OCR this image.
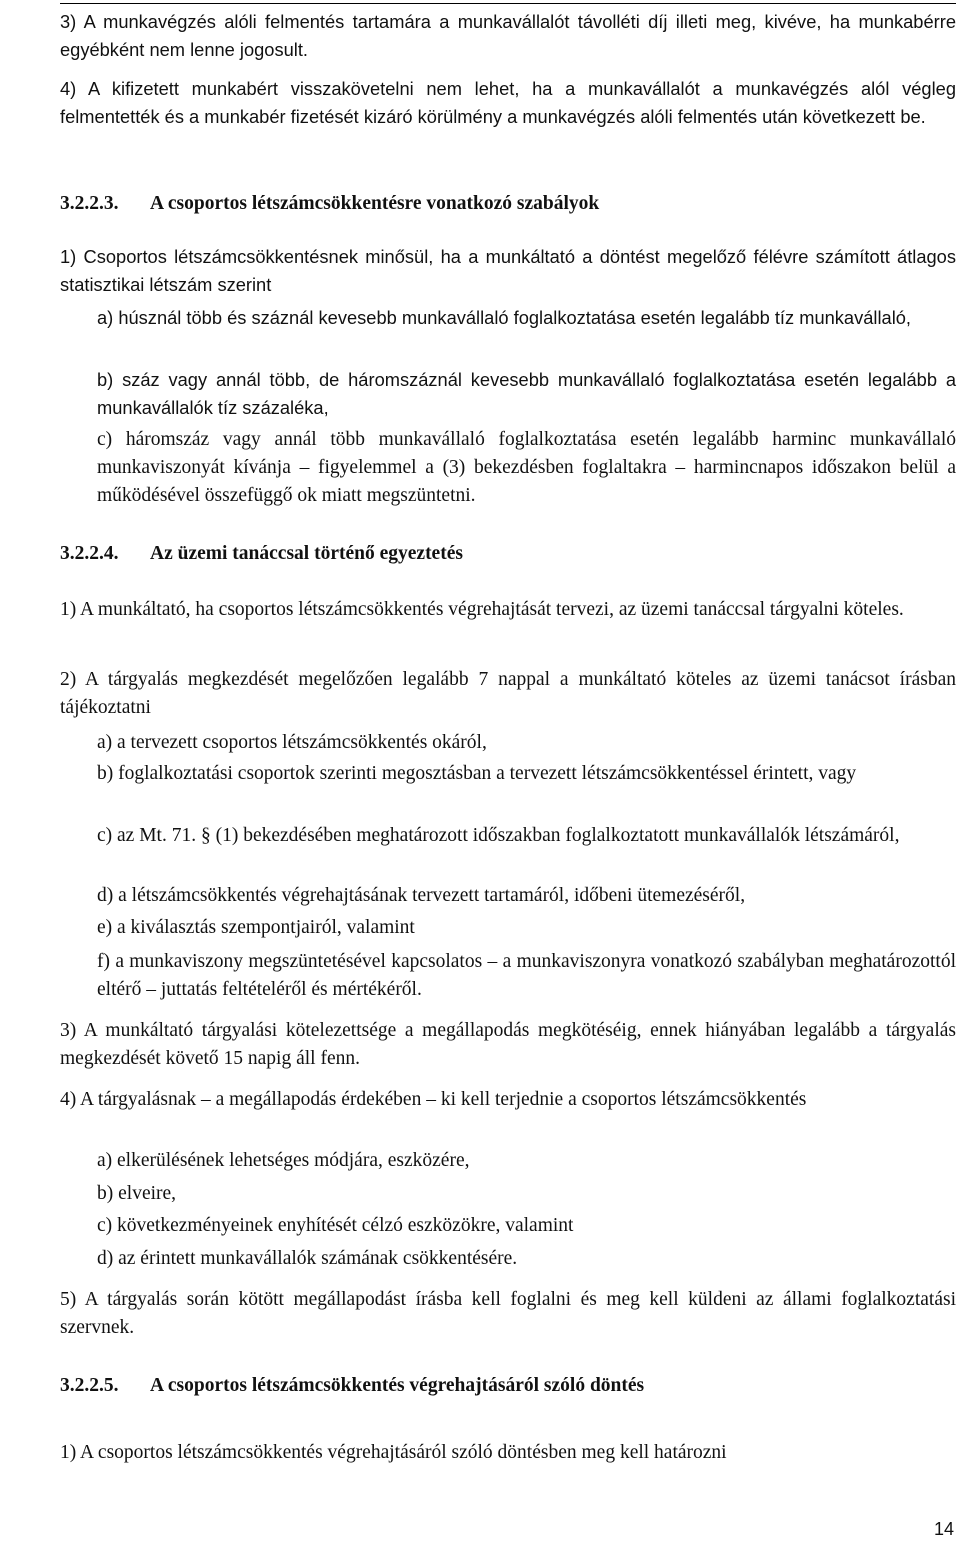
3) A munkavégzés alóli felmentés tartamára a munkavállalót távolléti díj illeti meg, kivéve, ha munkabérre egyébként nem lenne jogosult.

4) A kifizetett munkabért visszakövetelni nem lehet, ha a munkavállalót a munkavégzés alól végleg felmentették és a munkabér fizetését kizáró körülmény a munkavégzés alóli felmentés után következett be.

3.2.2.3. A csoportos létszámcsökkentésre vonatkozó szabályok

1) Csoportos létszámcsökkentésnek minősül, ha a munkáltató a döntést megelőző félévre számított átlagos statisztikai létszám szerint

a) húsznál több és száznál kevesebb munkavállaló foglalkoztatása esetén legalább tíz munkavállaló,

b) száz vagy annál több, de háromszáznál kevesebb munkavállaló foglalkoztatása esetén legalább a munkavállalók tíz százaléka,

c) háromszáz vagy annál több munkavállaló foglalkoztatása esetén legalább harminc munkavállaló munkaviszonyát kívánja – figyelemmel a (3) bekezdésben foglaltakra – harmincnapos időszakon belül a működésével összefüggő ok miatt megszüntetni.

3.2.2.4. Az üzemi tanáccsal történő egyeztetés

1) A munkáltató, ha csoportos létszámcsökkentés végrehajtását tervezi, az üzemi tanáccsal tárgyalni köteles.

2) A tárgyalás megkezdését megelőzően legalább 7 nappal a munkáltató köteles az üzemi tanácsot írásban tájékoztatni

a) a tervezett csoportos létszámcsökkentés okáról,

b) foglalkoztatási csoportok szerinti megosztásban a tervezett létszámcsökkentéssel érintett, vagy

c) az Mt. 71. § (1) bekezdésében meghatározott időszakban foglalkoztatott munkavállalók létszámáról,

d) a létszámcsökkentés végrehajtásának tervezett tartamáról, időbeni ütemezéséről,

e) a kiválasztás szempontjairól, valamint

f) a munkaviszony megszüntetésével kapcsolatos – a munkaviszonyra vonatkozó szabályban meghatározottól eltérő – juttatás feltételéről és mértékéről.

3) A munkáltató tárgyalási kötelezettsége a megállapodás megkötéséig, ennek hiányában legalább a tárgyalás megkezdését követő 15 napig áll fenn.

4) A tárgyalásnak – a megállapodás érdekében – ki kell terjednie a csoportos létszámcsökkentés

a) elkerülésének lehetséges módjára, eszközére,

b) elveire,

c) következményeinek enyhítését célzó eszközökre, valamint

d) az érintett munkavállalók számának csökkentésére.

5) A tárgyalás során kötött megállapodást írásba kell foglalni és meg kell küldeni az állami foglalkoztatási szervnek.

3.2.2.5. A csoportos létszámcsökkentés végrehajtásáról szóló döntés

1) A csoportos létszámcsökkentés végrehajtásáról szóló döntésben meg kell határozni

14
